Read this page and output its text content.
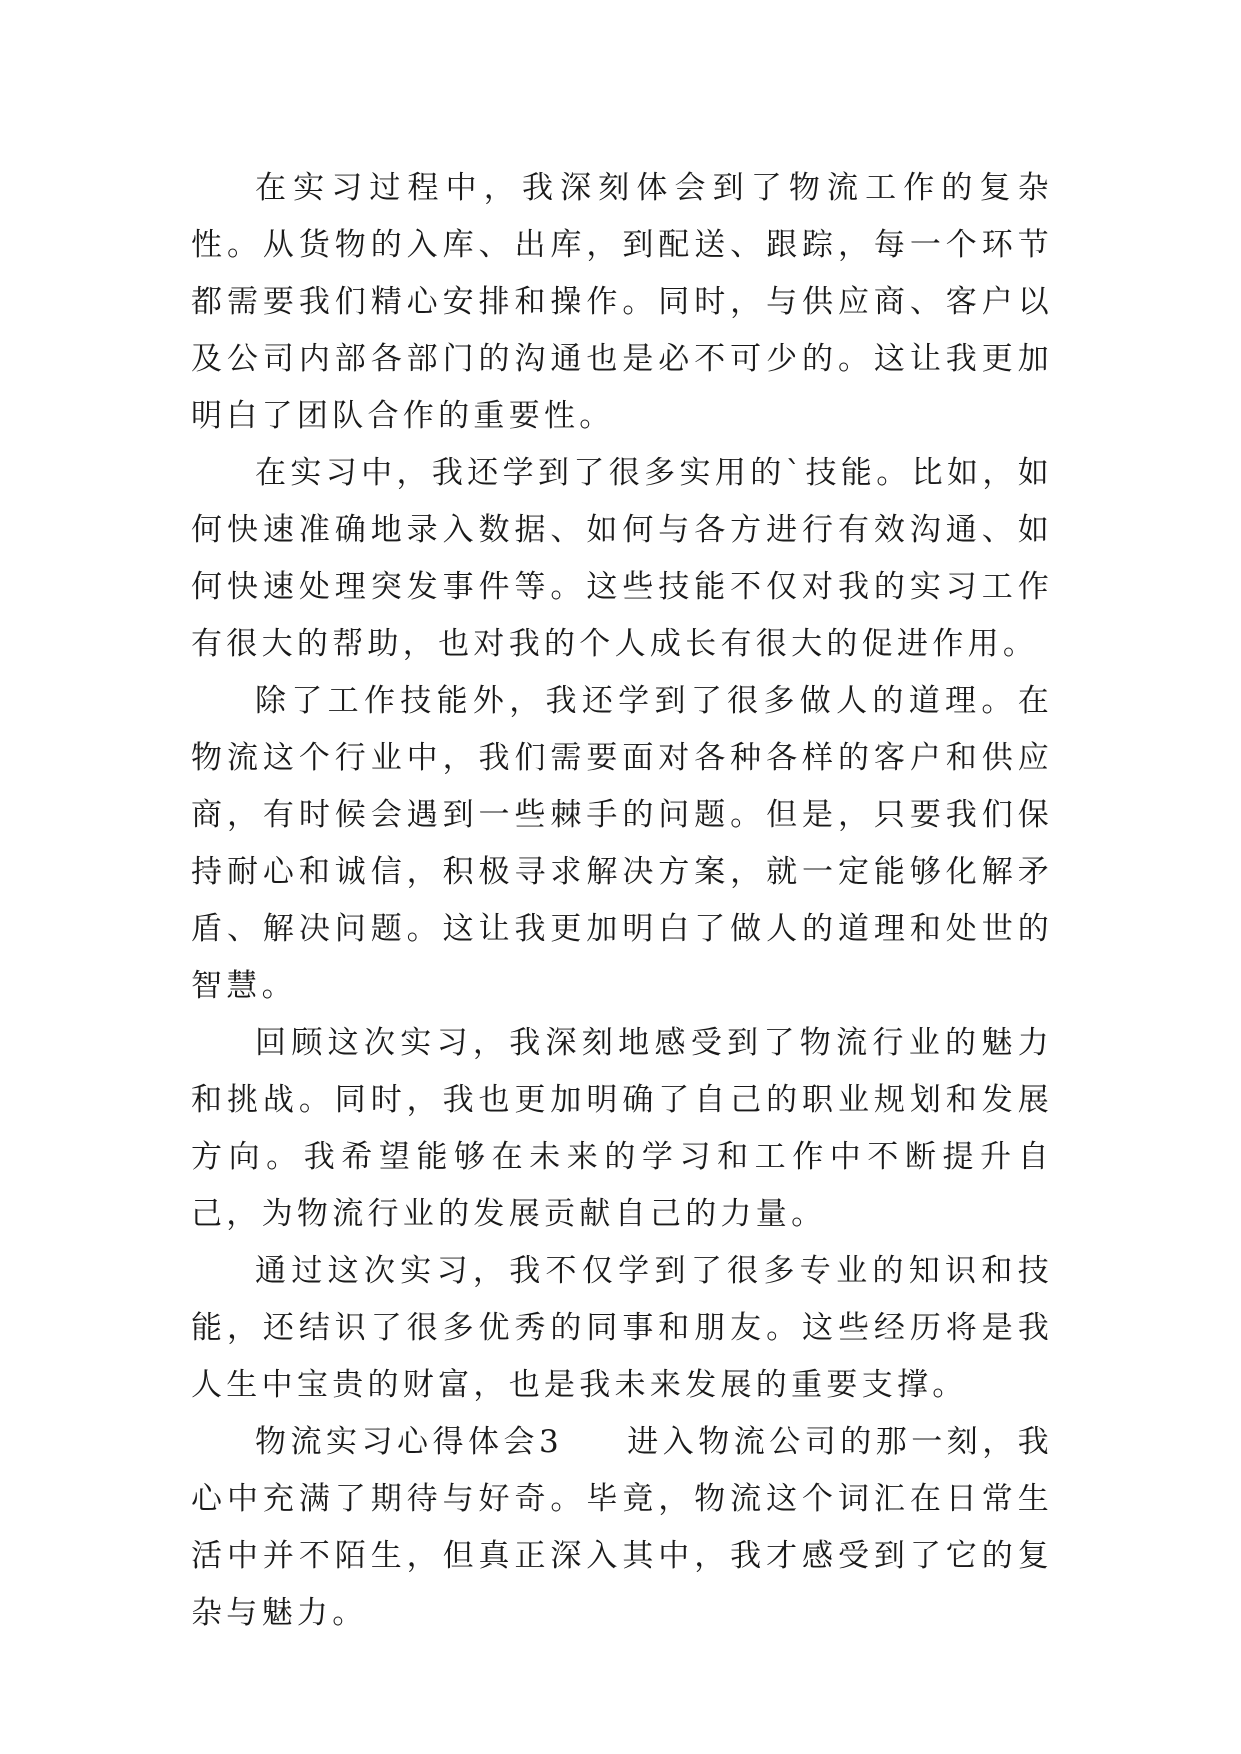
在实习过程中，我深刻体会到了物流工作的复杂性。从货物的入库、出库，到配送、跟踪，每一个环节都需要我们精心安排和操作。同时，与供应商、客户以及公司内部各部门的沟通也是必不可少的。这让我更加明白了团队合作的重要性。

在实习中，我还学到了很多实用的`技能。比如，如何快速准确地录入数据、如何与各方进行有效沟通、如何快速处理突发事件等。这些技能不仅对我的实习工作有很大的帮助，也对我的个人成长有很大的促进作用。

除了工作技能外，我还学到了很多做人的道理。在物流这个行业中，我们需要面对各种各样的客户和供应商，有时候会遇到一些棘手的问题。但是，只要我们保持耐心和诚信，积极寻求解决方案，就一定能够化解矛盾、解决问题。这让我更加明白了做人的道理和处世的智慧。

回顾这次实习，我深刻地感受到了物流行业的魅力和挑战。同时，我也更加明确了自己的职业规划和发展方向。我希望能够在未来的学习和工作中不断提升自己，为物流行业的发展贡献自己的力量。

通过这次实习，我不仅学到了很多专业的知识和技能，还结识了很多优秀的同事和朋友。这些经历将是我人生中宝贵的财富，也是我未来发展的重要支撑。

物流实习心得体会3 进入物流公司的那一刻，我心中充满了期待与好奇。毕竟，物流这个词汇在日常生活中并不陌生，但真正深入其中，我才感受到了它的复杂与魅力。
